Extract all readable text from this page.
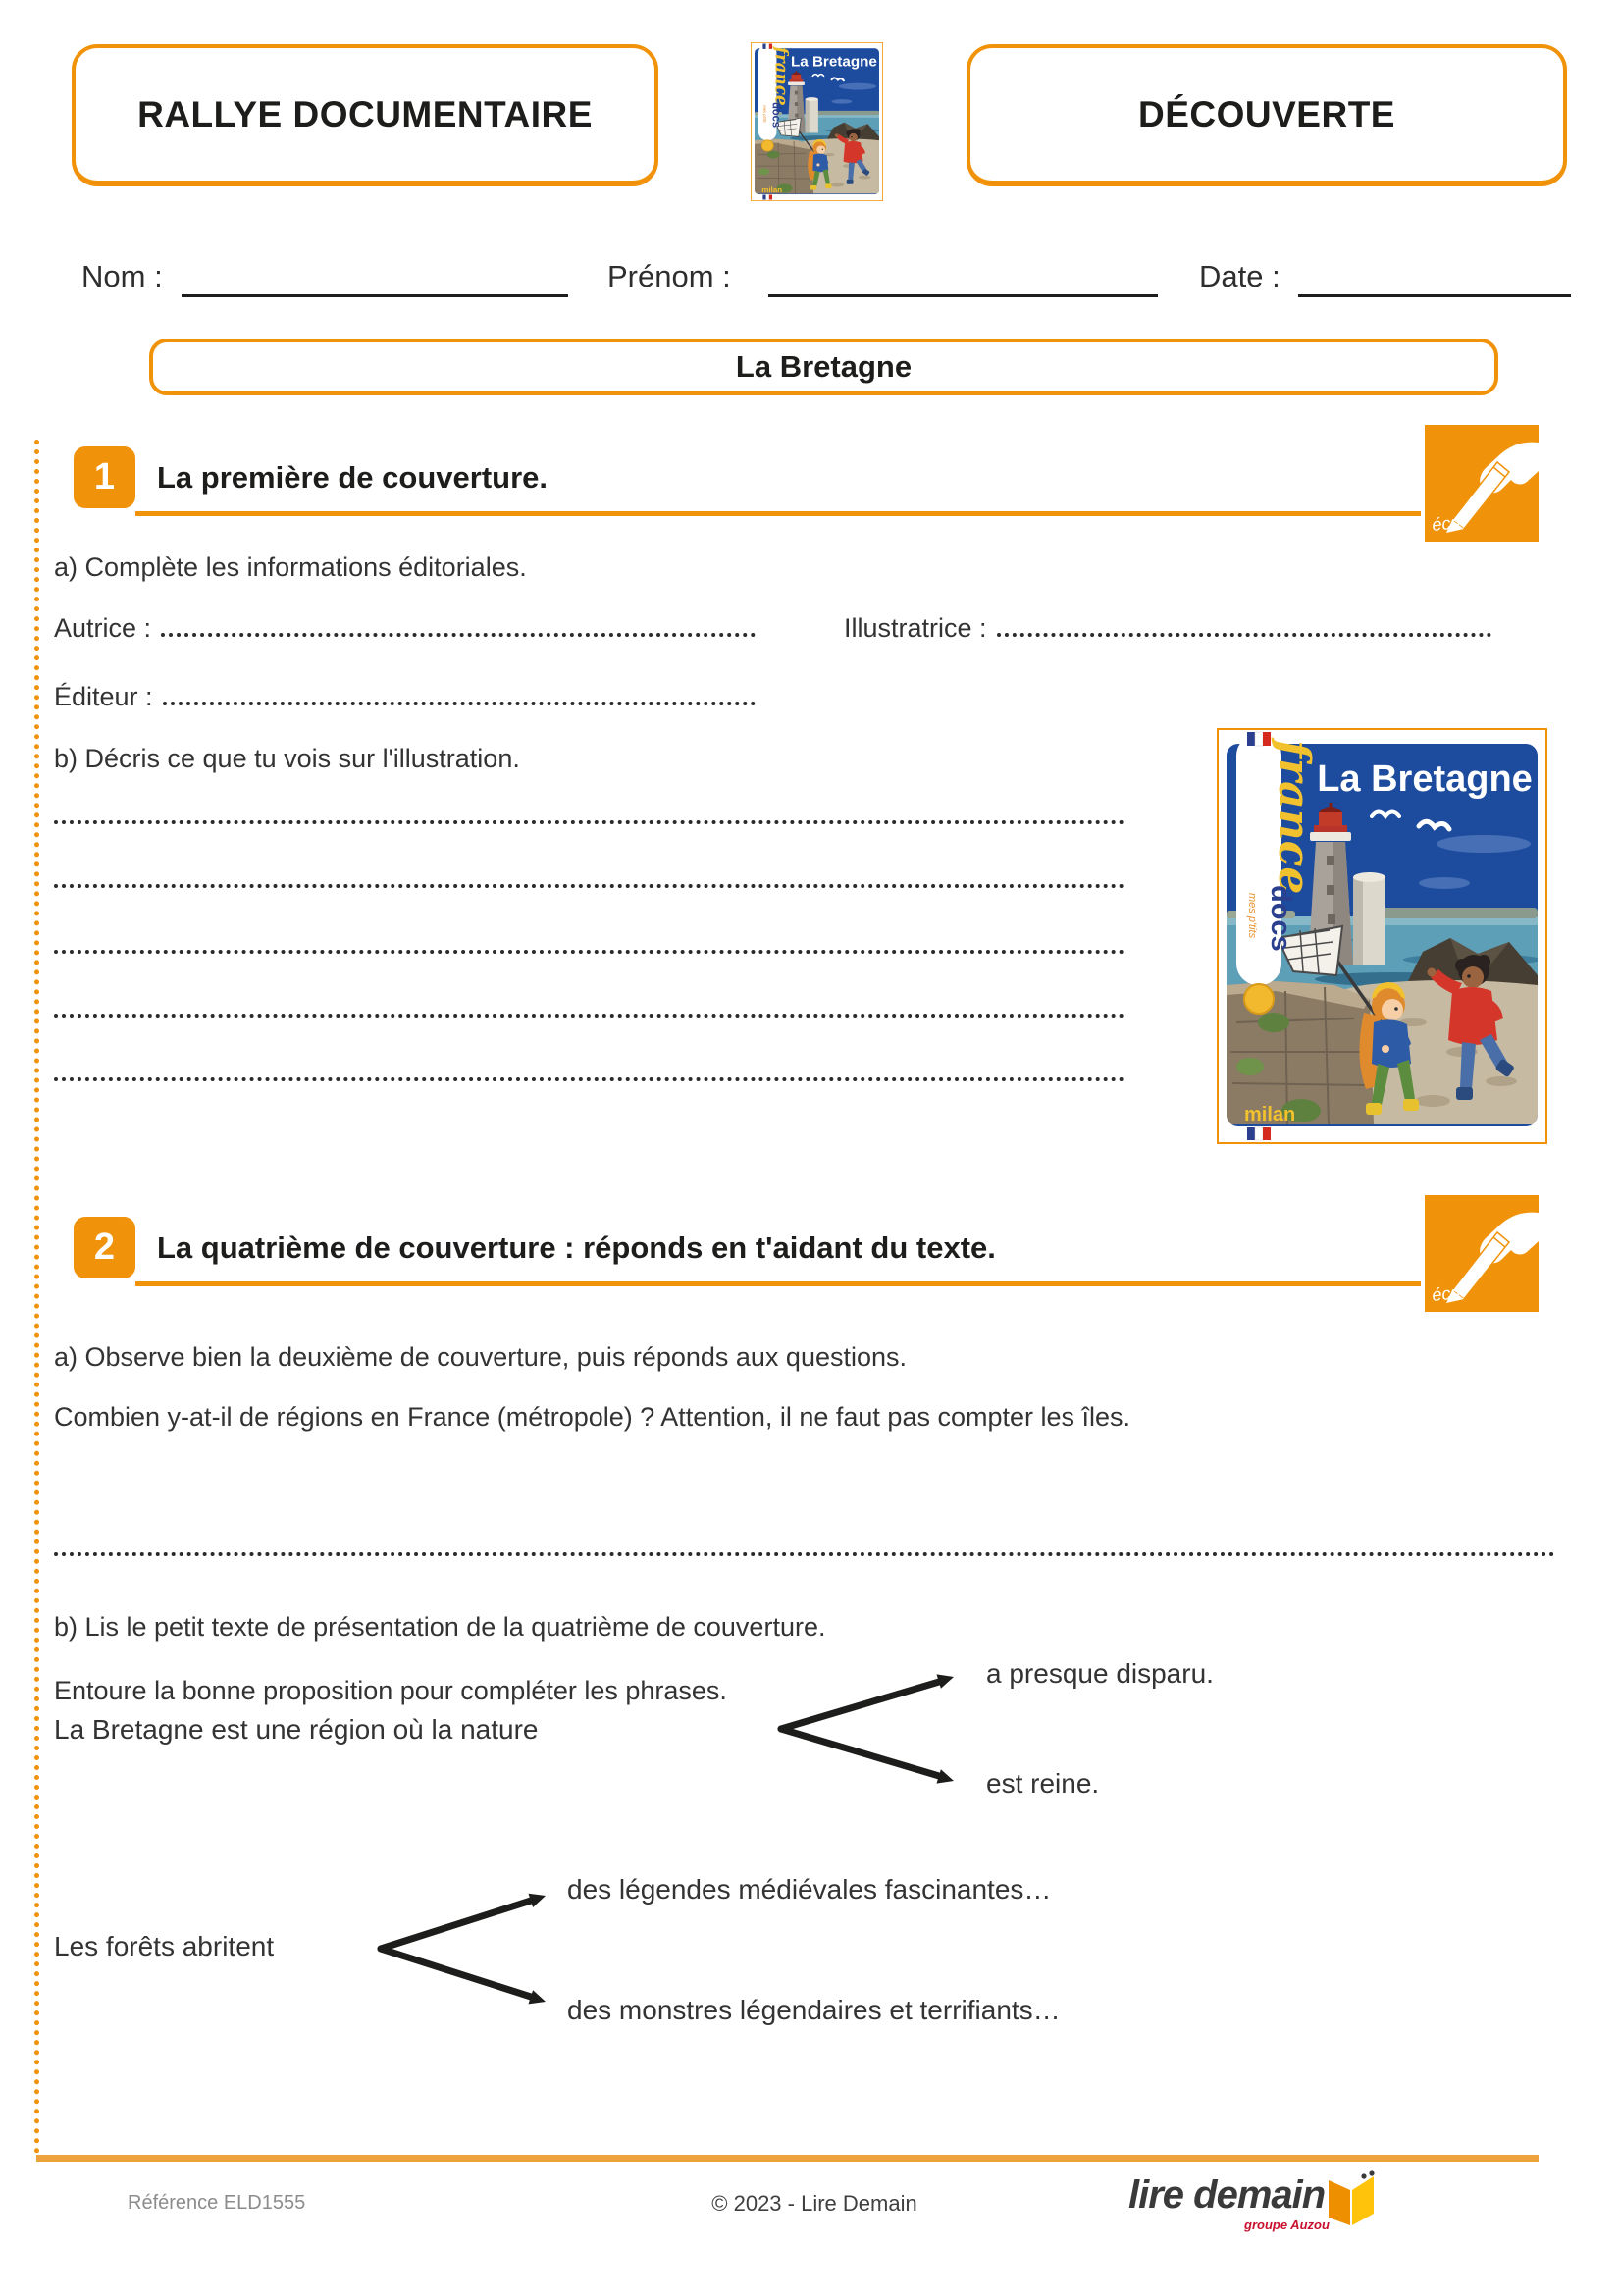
RALLYE DOCUMENTAIRE	DÉCOUVERTE
Nom :	Prénom :	Date :
La Bretagne
1 La première de couverture.
a) Complète les informations éditoriales.
Autrice :	Illustratrice :
Éditeur :
b) Décris ce que tu vois sur l'illustration.
2 La quatrième de couverture : réponds en t'aidant du texte.
a) Observe bien la deuxième de couverture, puis réponds aux questions.
Combien y-at-il de régions en France (métropole) ? Attention, il ne faut pas compter les îles.
b) Lis le petit texte de présentation de la quatrième de couverture.
Entoure la bonne proposition pour compléter les phrases.
La Bretagne est une région où la nature
a presque disparu.
est reine.
Les forêts abritent
des légendes médiévales fascinantes…
des monstres légendaires et terrifiants…
Référence ELD1555	© 2023 - Lire Demain	lire demain
groupe Auzou
